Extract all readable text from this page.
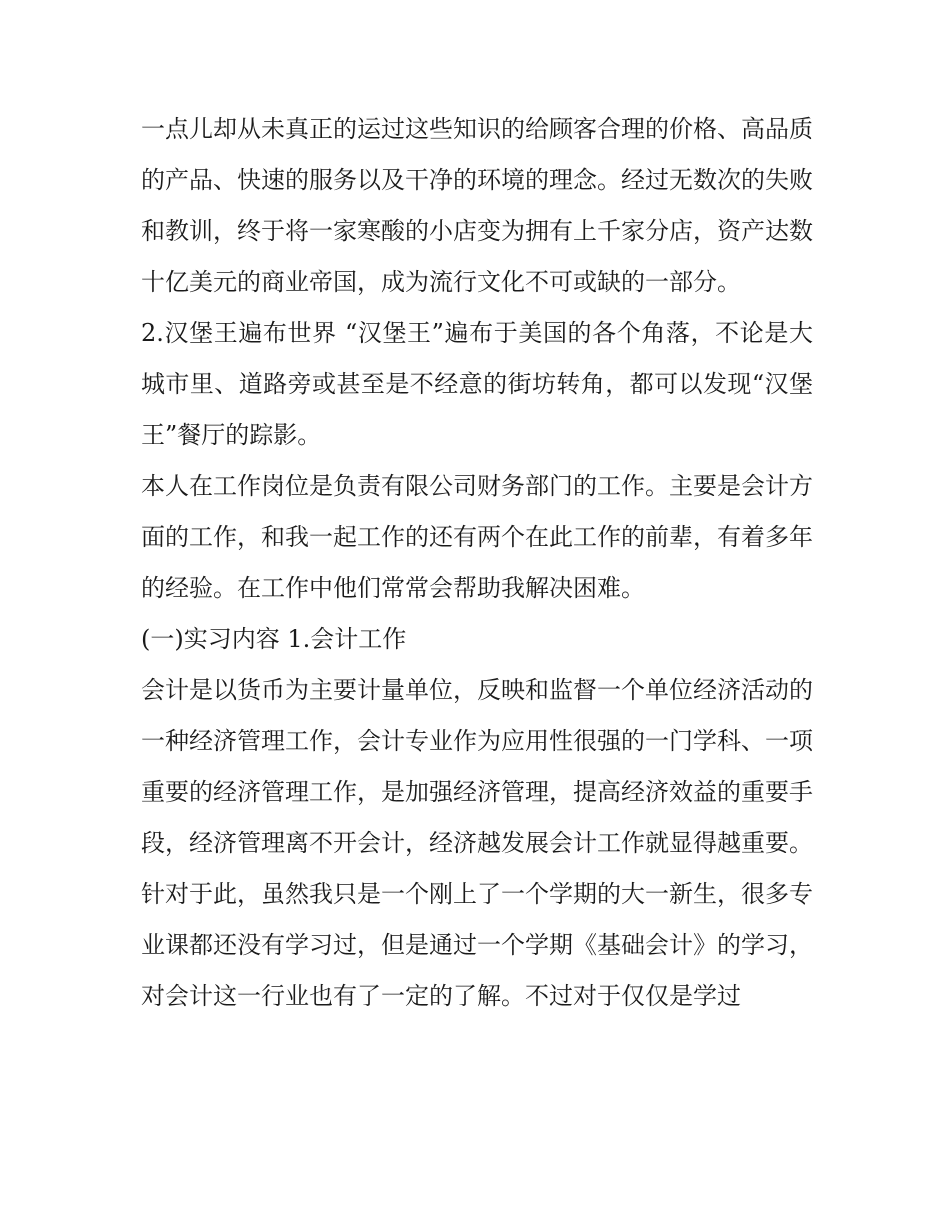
一点儿却从未真正的运过这些知识的给顾客合理的价格、高品质的产品、快速的服务以及干净的环境的理念。经过无数次的失败和教训，终于将一家寒酸的小店变为拥有上千家分店，资产达数十亿美元的商业帝国，成为流行文化不可或缺的一部分。

2.汉堡王遍布世界 “汉堡王”遍布于美国的各个角落，不论是大城市里、道路旁或甚至是不经意的街坊转角，都可以发现“汉堡王”餐厅的踪影。

本人在工作岗位是负责有限公司财务部门的工作。主要是会计方面的工作，和我一起工作的还有两个在此工作的前辈，有着多年的经验。在工作中他们常常会帮助我解决困难。

(一)实习内容 1.会计工作

会计是以货币为主要计量单位，反映和监督一个单位经济活动的一种经济管理工作，会计专业作为应用性很强的一门学科、一项重要的经济管理工作，是加强经济管理，提高经济效益的重要手段，经济管理离不开会计，经济越发展会计工作就显得越重要。

针对于此，虽然我只是一个刚上了一个学期的大一新生，很多专业课都还没有学习过，但是通过一个学期《基础会计》的学习，对会计这一行业也有了一定的了解。不过对于仅仅是学过
